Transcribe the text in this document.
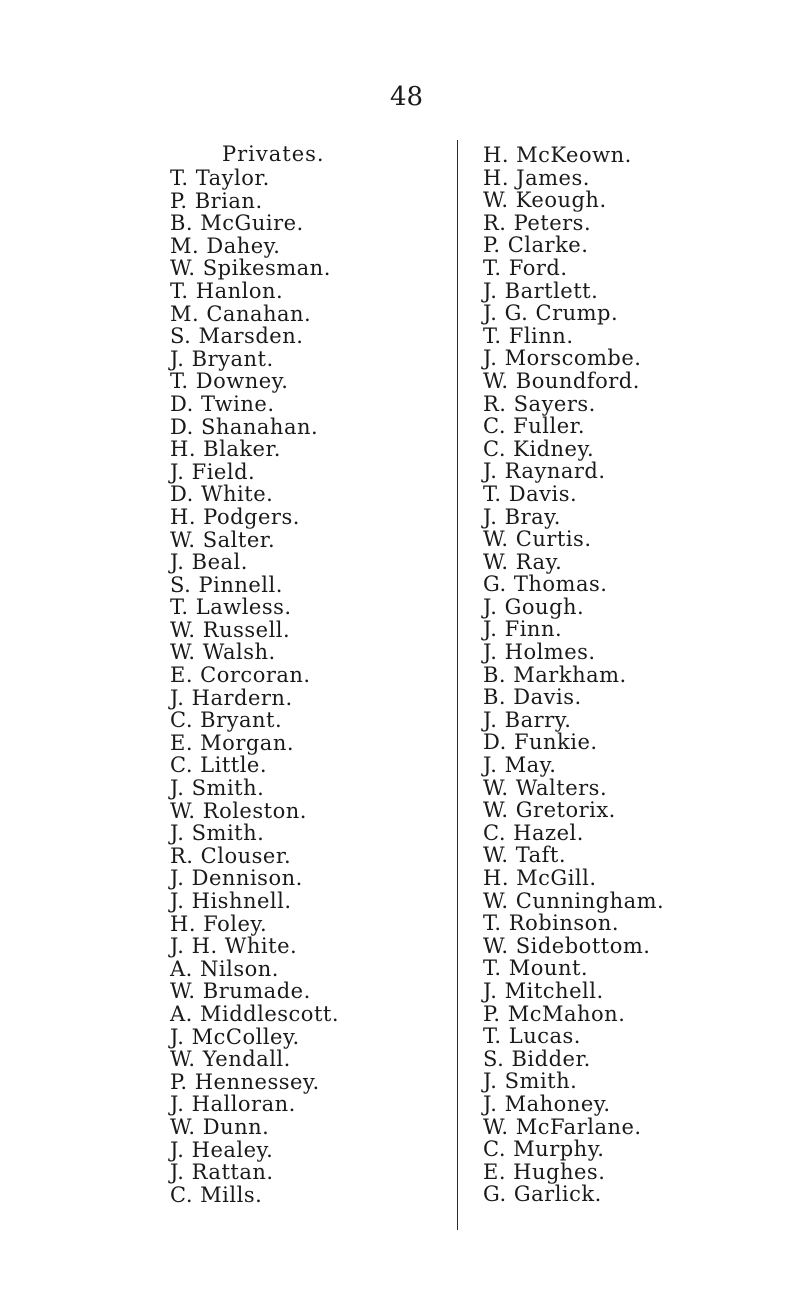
48
Privates.
T. Taylor.
P. Brian.
B. McGuire.
M. Dahey.
W. Spikesman.
T. Hanlon.
M. Canahan.
S. Marsden.
J. Bryant.
T. Downey.
D. Twine.
D. Shanahan.
H. Blaker.
J. Field.
D. White.
H. Podgers.
W. Salter.
J. Beal.
S. Pinnell.
T. Lawless.
W. Russell.
W. Walsh.
E. Corcoran.
J. Hardern.
C. Bryant.
E. Morgan.
C. Little.
J. Smith.
W. Roleston.
J. Smith.
R. Clouser.
J. Dennison.
J. Hishnell.
H. Foley.
J. H. White.
A. Nilson.
W. Brumade.
A. Middlescott.
J. McColley.
W. Yendall.
P. Hennessey.
J. Halloran.
W. Dunn.
J. Healey.
J. Rattan.
C. Mills.
H. McKeown.
H. James.
W. Keough.
R. Peters.
P. Clarke.
T. Ford.
J. Bartlett.
J. G. Crump.
T. Flinn.
J. Morscombe.
W. Boundford.
R. Sayers.
C. Fuller.
C. Kidney.
J. Raynard.
T. Davis.
J. Bray.
W. Curtis.
W. Ray.
G. Thomas.
J. Gough.
J. Finn.
J. Holmes.
B. Markham.
B. Davis.
J. Barry.
D. Funkie.
J. May.
W. Walters.
W. Gretorix.
C. Hazel.
W. Taft.
H. McGill.
W. Cunningham.
T. Robinson.
W. Sidebottom.
T. Mount.
J. Mitchell.
P. McMahon.
T. Lucas.
S. Bidder.
J. Smith.
J. Mahoney.
W. McFarlane.
C. Murphy.
E. Hughes.
G. Garlick.
